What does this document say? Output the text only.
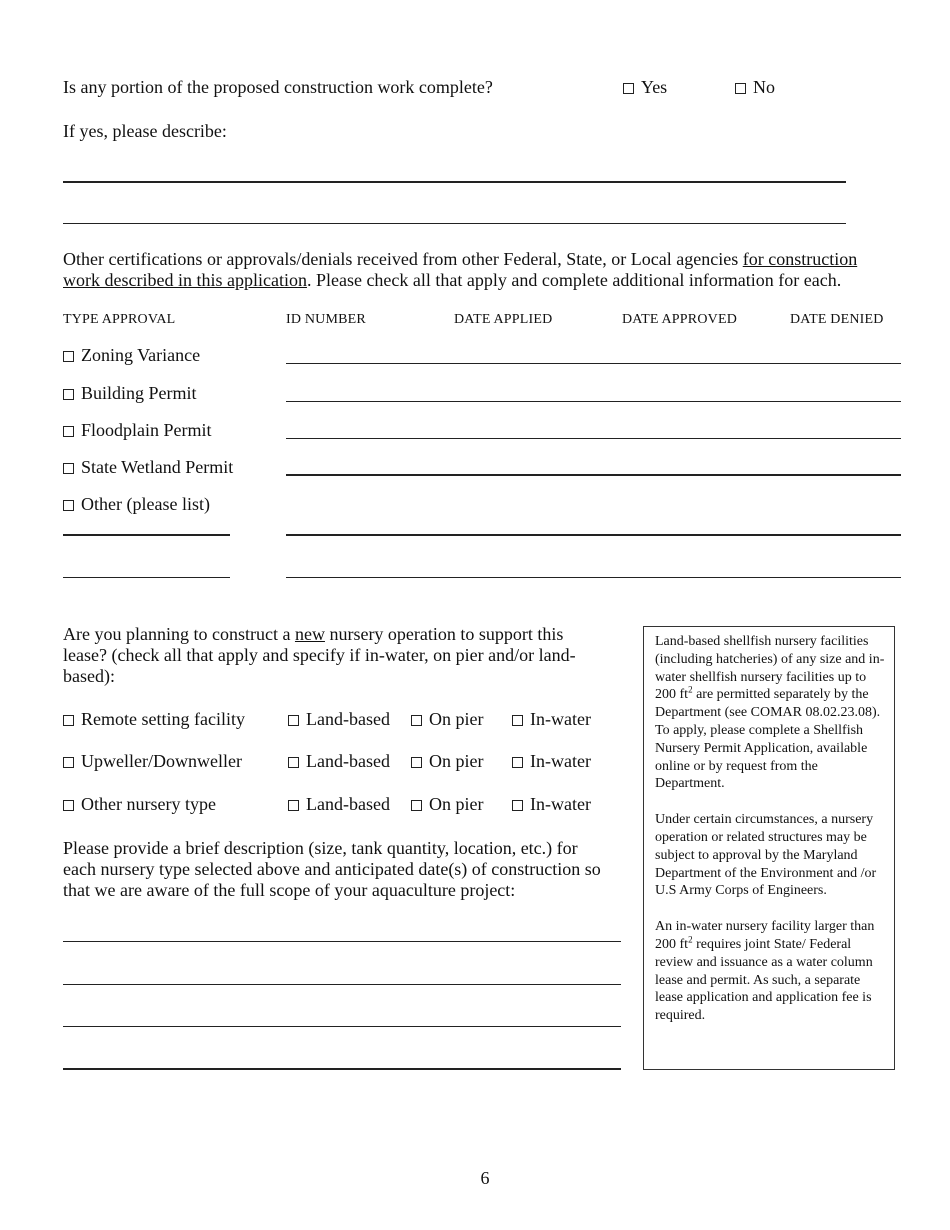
Is any portion of the proposed construction work complete?	Yes	No
If yes, please describe:
Other certifications or approvals/denials received from other Federal, State, or Local agencies for construction
work described in this application. Please check all that apply and complete additional information for each.
TYPE APPROVAL	ID NUMBER	DATE APPLIED	DATE APPROVED	DATE DENIED
Zoning Variance
Building Permit
Floodplain Permit
State Wetland Permit
Other (please list)
Are you planning to construct a new nursery operation to support this
lease? (check all that apply and specify if in-water, on pier and/or land-
based):
Remote setting facility	Land-based	On pier	In-water
Upweller/Downweller	Land-based	On pier	In-water
Other nursery type	Land-based	On pier	In-water
Please provide a brief description (size, tank quantity, location, etc.) for
each nursery type selected above and anticipated date(s) of construction so
that we are aware of the full scope of your aquaculture project:

Land-based shellfish nursery facilities (including hatcheries) of any size and in-water shellfish nursery facilities up to 200 $ft^2$ are permitted separately by the Department (see COMAR 08.02.23.08). To apply, please complete a Shellfish Nursery Permit Application, available online or by request from the Department.

Under certain circumstances, a nursery operation or related structures may be subject to approval by the Maryland Department of the Environment and /or U.S Army Corps of Engineers.

An in-water nursery facility larger than 200 $ft^2$ requires joint State/ Federal review and issuance as a water column lease and permit. As such, a separate lease application and application fee is required.

6
